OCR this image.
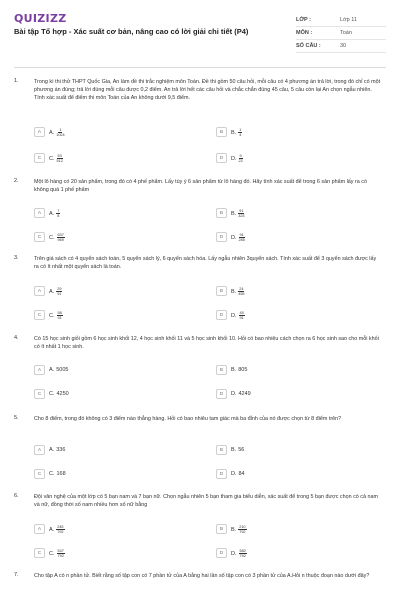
QUIZIZZ
Bài tập Tổ hợp - Xác suất cơ bản, nâng cao có lời giải chi tiết (P4)
LỚP :	Lớp 11
MÔN :	Toán
SỐ CÂU :	30
1.	Trong kì thi thử THPT Quốc Gia, An làm đề thi trắc nghiệm môn Toán. Đề thi gồm 50 câu hỏi, mỗi câu có 4 phương án trả lời, trong đó chỉ có một phương án đúng; trả lời đúng mỗi câu được 0,2 điểm. An trả lời hết các câu hỏi và chắc chắn đúng 45 câu, 5 câu còn lại An chọn ngẫu nhiên. Tính xác suất để điểm thi môn Toán của An không dưới 9,5 điểm.
A	A. $\frac{1}{1024}$	B	B. $\frac{1}{4}$
C	C. $\frac{53}{512}$	D	D. $\frac{9}{22}$
2.	Một lô hàng có 20 sản phẩm, trong đó có 4 phế phẩm. Lấy tùy ý 6 sản phẩm từ lô hàng đó. Hãy tính xác suất để trong 6 sản phẩm lấy ra có không quá 1 phế phẩm
A	A. $\frac{7}{8}$	B	B. $\frac{91}{323}$
C	C. $\frac{637}{969}$	D	D. $\frac{91}{285}$
3.	Trên giá sách có 4 quyển sách toán, 5 quyển sách lý, 6 quyển sách hóa. Lấy ngẫu nhiên 3quyển sách. Tính xác suất để 3 quyển sách được lấy ra có ít nhất một quyển sách là toán.
A	A. $\frac{29}{91}$	B	B. $\frac{24}{455}$
C	C. $\frac{58}{91}$	D	D. $\frac{45}{91}$
4.	Có 15 học sinh giỏi gồm 6 học sinh khối 12, 4 học sinh khối 11 và 5 học sinh khối 10. Hỏi có bao nhiêu cách chọn ra 6 học sinh sao cho mỗi khối có ít nhất 1 học sinh.
A	A. 5005	B	B. 805
C	C. 4250	D	D. 4249
5.	Cho 8 điểm, trong đó không có 3 điểm nào thẳng hàng. Hỏi có bao nhiêu tam giác mà ba đỉnh của nó được chọn từ 8 điểm trên?
A	A. 336	B	B. 56
C	C. 168	D	D. 84
6.	Đội văn nghệ của một lớp có 5 bạn nam và 7 bạn nữ. Chọn ngẫu nhiên 5 bạn tham gia biểu diễn, xác suất để trong 5 bạn được chọn có cả nam và nữ, đồng thời số nam nhiều hơn số nữ bằng
A	A. $\frac{245}{792}$	B	B. $\frac{210}{792}$
C	C. $\frac{547}{792}$	D	D. $\frac{582}{792}$
7.	Cho tập A có n phần tử. Biết rằng số tập con có 7 phần tử của A bằng hai lần số tập con có 3 phần tử của A.Hỏi n thuộc đoạn nào dưới đây?
